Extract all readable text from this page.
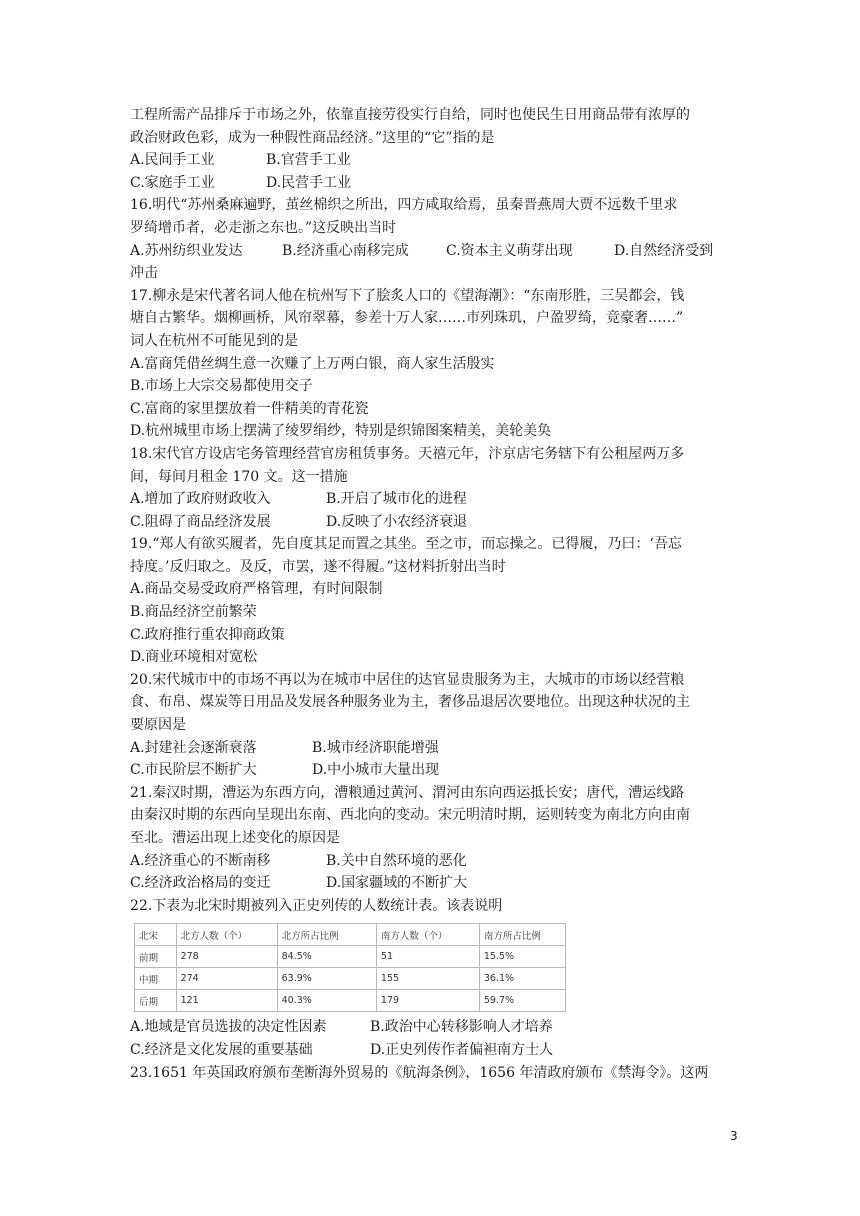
工程所需产品排斥于市场之外，依靠直接劳役实行自给，同时也使民生日用商品带有浓厚的
政治财政色彩，成为一种假性商品经济。”这里的“它”指的是
A.民间手工业	B.官营手工业
C.家庭手工业	D.民营手工业
16.明代“苏州桑麻遍野，茧丝棉织之所出，四方咸取给焉，虽秦晋燕周大贾不远数千里求
罗绮增币者，必走浙之东也。”这反映出当时
A.苏州纺织业发达	B.经济重心南移完成	C.资本主义萌芽出现	D.自然经济受到
冲击
17.柳永是宋代著名词人他在杭州写下了脍炙人口的《望海潮》：“东南形胜，三吴都会，钱
塘自古繁华。烟柳画桥，风帘翠幕，参差十万人家……市列珠玑，户盈罗绮，竞豪奢……”
词人在杭州不可能见到的是
A.富商凭借丝绸生意一次赚了上万两白银，商人家生活殷实
B.市场上大宗交易都使用交子
C.富商的家里摆放着一件精美的青花瓷
D.杭州城里市场上摆满了绫罗绢纱，特别是织锦图案精美，美轮美奂
18.宋代官方设店宅务管理经营官房租赁事务。天禧元年，汴京店宅务辖下有公租屋两万多
间，每间月租金 170 文。这一措施
A.增加了政府财政收入	B.开启了城市化的进程
C.阻碍了商品经济发展	D.反映了小农经济衰退
19.“郑人有欲买履者，先自度其足而置之其坐。至之市，而忘操之。已得履，乃曰：‘吾忘
持度。’反归取之。及反，市罢，遂不得履。”这材料折射出当时
A.商品交易受政府严格管理，有时间限制
B.商品经济空前繁荣
C.政府推行重农抑商政策
D.商业环境相对宽松
20.宋代城市中的市场不再以为在城市中居住的达官显贵服务为主，大城市的市场以经营粮
食、布帛、煤炭等日用品及发展各种服务业为主，奢侈品退居次要地位。出现这种状况的主
要原因是
A.封建社会逐渐衰落	B.城市经济职能增强
C.市民阶层不断扩大	D.中小城市大量出现
21.秦汉时期，漕运为东西方向，漕粮通过黄河、渭河由东向西运抵长安；唐代，漕运线路
由秦汉时期的东西向呈现出东南、西北向的变动。宋元明清时期，运则转变为南北方向由南
至北。漕运出现上述变化的原因是
A.经济重心的不断南移	B.关中自然环境的恶化
C.经济政治格局的变迁	D.国家疆域的不断扩大
22.下表为北宋时期被列入正史列传的人数统计表。该表说明
北宋	北方人数（个）	北方所占比例	南方人数（个）	南方所占比例
前期	278	84.5%	51	15.5%
中期	274	63.9%	155	36.1%
后期	121	40.3%	179	59.7%
A.地域是官员选拔的决定性因素	B.政治中心转移影响人才培养
C.经济是文化发展的重要基础	D.正史列传作者偏袒南方士人
23.1651 年英国政府颁布垄断海外贸易的《航海条例》，1656 年清政府颁布《禁海令》。这两
3
